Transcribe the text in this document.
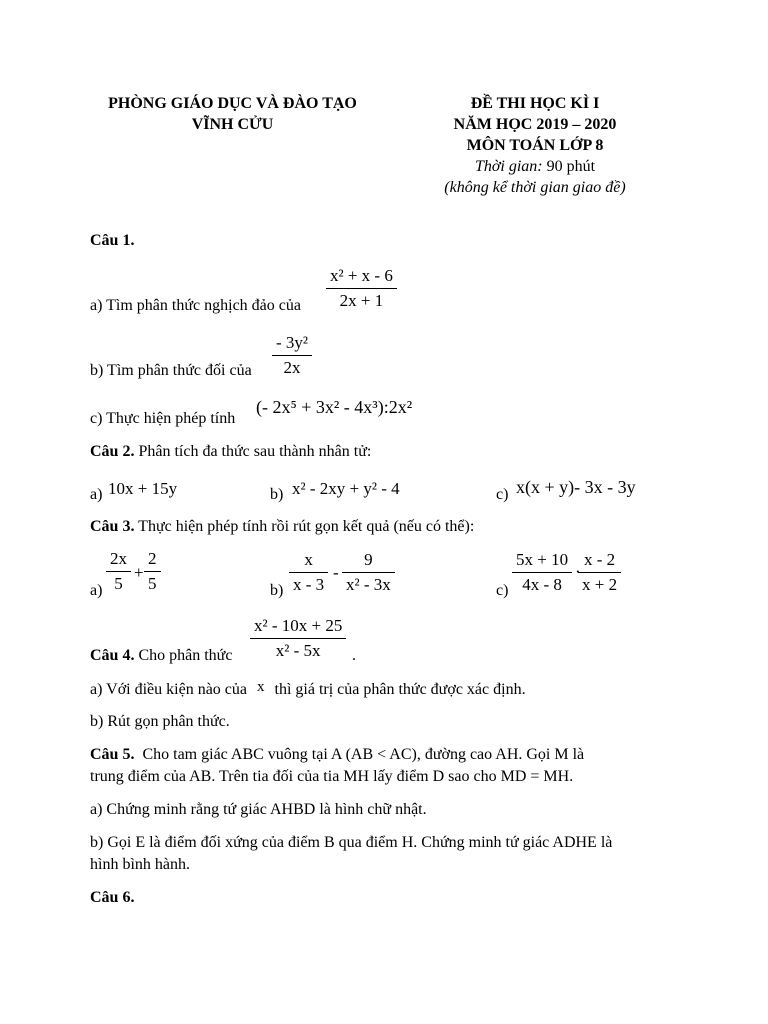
PHÒNG GIÁO DỤC VÀ ĐÀO TẠO
VĨNH CỬU
ĐỀ THI HỌC KÌ I
NĂM HỌC 2019 – 2020
MÔN TOÁN LỚP 8
Thời gian: 90 phút
(không kể thời gian giao đề)
Câu 1.
a) Tìm phân thức nghịch đảo của
x² + x - 6
2x + 1
b) Tìm phân thức đối của
- 3y²
2x
c) Thực hiện phép tính
(- 2x⁵ + 3x² - 4x³):2x²
Câu 2. Phân tích đa thức sau thành nhân tử:
a) 10x + 15y	b) x² - 2xy + y² - 4	c) x(x + y)- 3x - 3y
Câu 3. Thực hiện phép tính rồi rút gọn kết quả (nếu có thể):
a)
2x
5
+
2
5	b)
x
x - 3
-
9
x² - 3x	c)
5x + 10
4x - 8
·
x - 2
x + 2
Câu 4. Cho phân thức
x² - 10x + 25
x² - 5x .
a) Với điều kiện nào của x thì giá trị của phân thức được xác định.
b) Rút gọn phân thức.
Câu 5.  Cho tam giác ABC vuông tại A (AB < AC), đường cao AH. Gọi M là
trung điểm của AB. Trên tia đối của tia MH lấy điểm D sao cho MD = MH.
a) Chứng minh rằng tứ giác AHBD là hình chữ nhật.
b) Gọi E là điểm đối xứng của điểm B qua điểm H. Chứng minh tứ giác ADHE là
hình bình hành.
Câu 6.
